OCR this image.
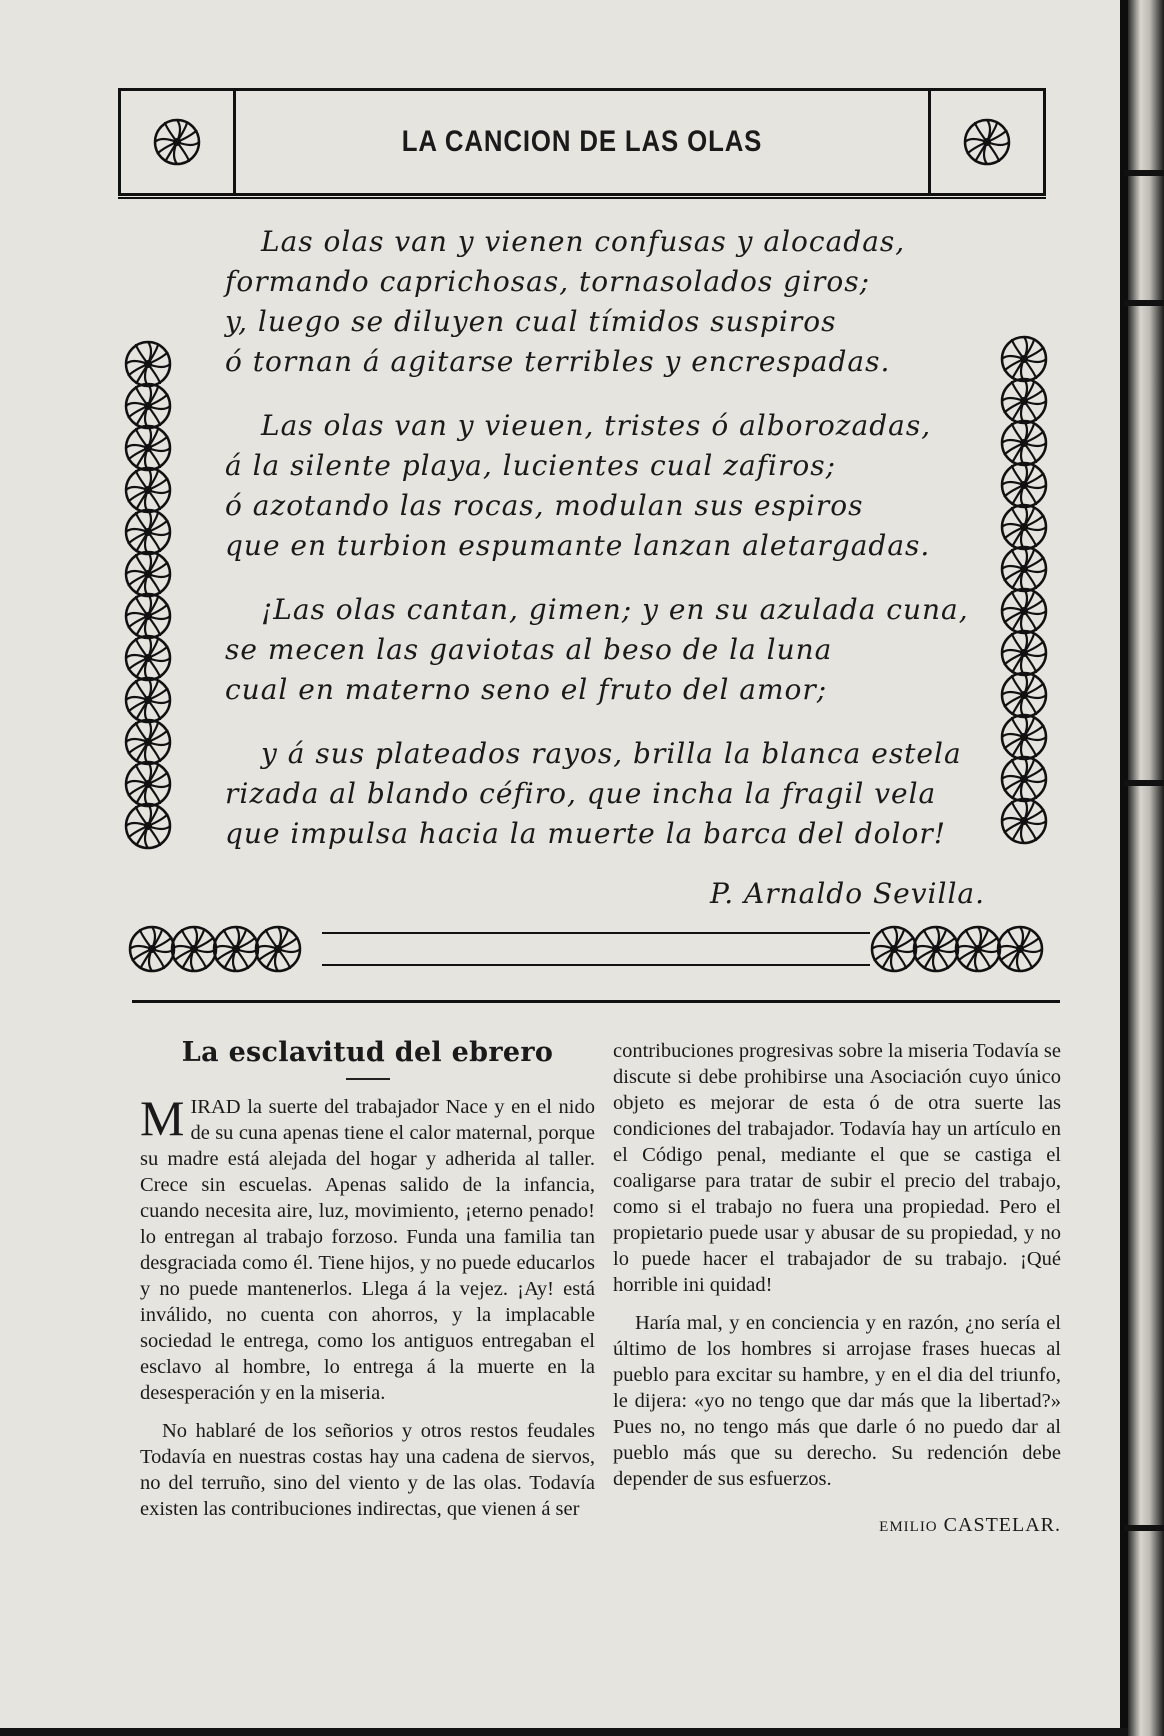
LA CANCION DE LAS OLAS
Las olas van y vienen confusas y alocadas,
formando caprichosas, tornasolados giros;
y, luego se diluyen cual tímidos suspiros
ó tornan á agitarse terribles y encrespadas.
Las olas van y vieuen, tristes ó alborozadas,
á la silente playa, lucientes cual zafiros;
ó azotando las rocas, modulan sus espiros
que en turbion espumante lanzan aletargadas.
¡Las olas cantan, gimen; y en su azulada cuna,
se mecen las gaviotas al beso de la luna
cual en materno seno el fruto del amor;
y á sus plateados rayos, brilla la blanca estela
rizada al blando céfiro, que incha la fragil vela
que impulsa hacia la muerte la barca del dolor!
P. Arnaldo Sevilla.
La esclavitud del ebrero

MIRAD la suerte del trabajador Nace y en el nido de su cuna apenas tiene el calor maternal, porque su madre está alejada del hogar y adherida al taller. Crece sin escuelas. Apenas salido de la infancia, cuando necesita aire, luz, movimiento, ¡eterno penado! lo entregan al trabajo forzoso. Funda una familia tan desgraciada como él. Tiene hijos, y no puede educarlos y no puede mantenerlos. Llega á la vejez. ¡Ay! está inválido, no cuenta con ahorros, y la implacable sociedad le entrega, como los antiguos entregaban el esclavo al hombre, lo entrega á la muerte en la desesperación y en la miseria.

No hablaré de los señorios y otros restos feudales Todavía en nuestras costas hay una cadena de siervos, no del terruño, sino del viento y de las olas. Todavía existen las contribuciones indirectas, que vienen á ser

contribuciones progresivas sobre la miseria Todavía se discute si debe prohibirse una Asociación cuyo único objeto es mejorar de esta ó de otra suerte las condiciones del trabajador. Todavía hay un artículo en el Código penal, mediante el que se castiga el coaligarse para tratar de subir el precio del trabajo, como si el trabajo no fuera una propiedad. Pero el propietario puede usar y abusar de su propiedad, y no lo puede hacer el trabajador de su trabajo. ¡Qué horrible ini quidad!

Haría mal, y en conciencia y en razón, ¿no sería el último de los hombres si arrojase frases huecas al pueblo para excitar su hambre, y en el dia del triunfo, le dijera: «yo no tengo que dar más que la libertad?» Pues no, no tengo más que darle ó no puedo dar al pueblo más que su derecho. Su redención debe depender de sus esfuerzos.

EMILIO CASTELAR.
